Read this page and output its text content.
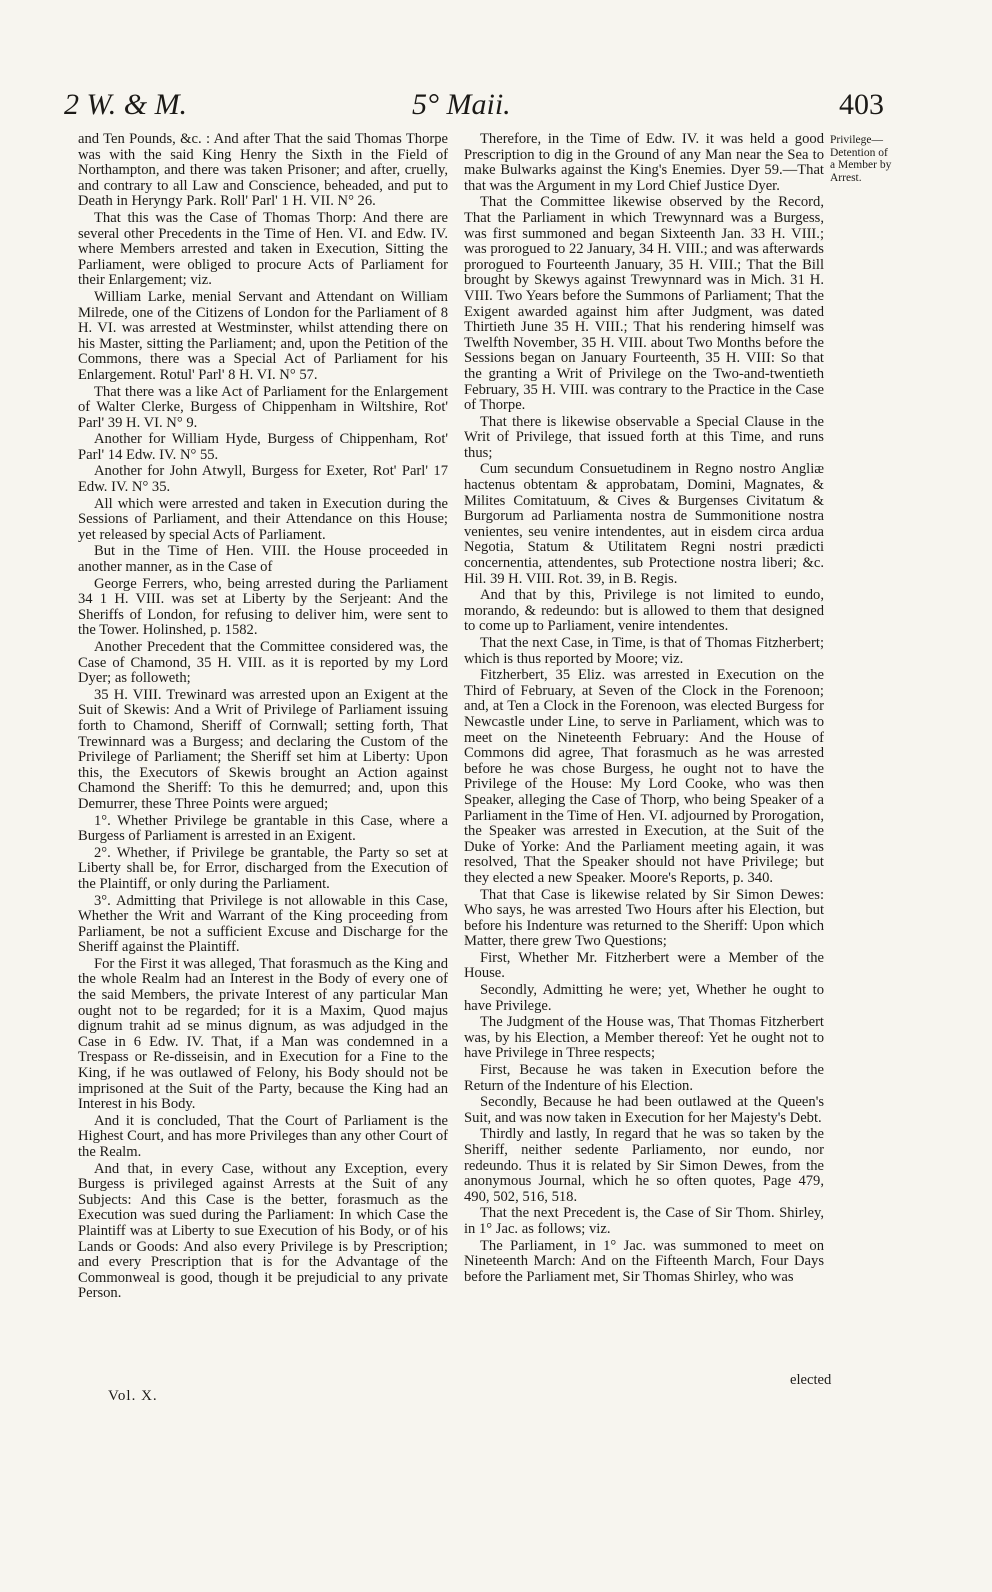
2 W. & M.	5° Maii.	403

and Ten Pounds, &c. : And after That the said Thomas Thorpe was with the said King Henry the Sixth in the Field of Northampton, and there was taken Prisoner; and after, cruelly, and contrary to all Law and Conscience, beheaded, and put to Death in Heryngy Park. Roll' Parl' 1 H. VII. N° 26.

That this was the Case of Thomas Thorp: And there are several other Precedents in the Time of Hen. VI. and Edw. IV. where Members arrested and taken in Execution, Sitting the Parliament, were obliged to procure Acts of Parliament for their Enlargement; viz.

William Larke, menial Servant and Attendant on William Milrede, one of the Citizens of London for the Parliament of 8 H. VI. was arrested at Westminster, whilst attending there on his Master, sitting the Parliament; and, upon the Petition of the Commons, there was a Special Act of Parliament for his Enlargement. Rotul' Parl' 8 H. VI. N° 57.

That there was a like Act of Parliament for the Enlargement of Walter Clerke, Burgess of Chippenham in Wiltshire, Rot' Parl' 39 H. VI. N° 9.

Another for William Hyde, Burgess of Chippenham, Rot' Parl' 14 Edw. IV. N° 55.

Another for John Atwyll, Burgess for Exeter, Rot' Parl' 17 Edw. IV. N° 35.

All which were arrested and taken in Execution during the Sessions of Parliament, and their Attendance on this House; yet released by special Acts of Parliament.

But in the Time of Hen. VIII. the House proceeded in another manner, as in the Case of

George Ferrers, who, being arrested during the Parliament 34 1 H. VIII. was set at Liberty by the Serjeant: And the Sheriffs of London, for refusing to deliver him, were sent to the Tower. Holinshed, p. 1582.

Another Precedent that the Committee considered was, the Case of Chamond, 35 H. VIII. as it is reported by my Lord Dyer; as followeth;

35 H. VIII. Trewinard was arrested upon an Exigent at the Suit of Skewis: And a Writ of Privilege of Parliament issuing forth to Chamond, Sheriff of Cornwall; setting forth, That Trewinnard was a Burgess; and declaring the Custom of the Privilege of Parliament; the Sheriff set him at Liberty: Upon this, the Executors of Skewis brought an Action against Chamond the Sheriff: To this he demurred; and, upon this Demurrer, these Three Points were argued;

1°. Whether Privilege be grantable in this Case, where a Burgess of Parliament is arrested in an Exigent.

2°. Whether, if Privilege be grantable, the Party so set at Liberty shall be, for Error, discharged from the Execution of the Plaintiff, or only during the Parliament.

3°. Admitting that Privilege is not allowable in this Case, Whether the Writ and Warrant of the King proceeding from Parliament, be not a sufficient Excuse and Discharge for the Sheriff against the Plaintiff.

For the First it was alleged, That forasmuch as the King and the whole Realm had an Interest in the Body of every one of the said Members, the private Interest of any particular Man ought not to be regarded; for it is a Maxim, Quod majus dignum trahit ad se minus dignum, as was adjudged in the Case in 6 Edw. IV. That, if a Man was condemned in a Trespass or Re-disseisin, and in Execution for a Fine to the King, if he was outlawed of Felony, his Body should not be imprisoned at the Suit of the Party, because the King had an Interest in his Body.

And it is concluded, That the Court of Parliament is the Highest Court, and has more Privileges than any other Court of the Realm.

And that, in every Case, without any Exception, every Burgess is privileged against Arrests at the Suit of any Subjects: And this Case is the better, forasmuch as the Execution was sued during the Parliament: In which Case the Plaintiff was at Liberty to sue Execution of his Body, or of his Lands or Goods: And also every Privilege is by Prescription; and every Prescription that is for the Advantage of the Commonweal is good, though it be prejudicial to any private Person.

Therefore, in the Time of Edw. IV. it was held a good Prescription to dig in the Ground of any Man near the Sea to make Bulwarks against the King's Enemies. Dyer 59.—That that was the Argument in my Lord Chief Justice Dyer.

That the Committee likewise observed by the Record, That the Parliament in which Trewynnard was a Burgess, was first summoned and began Sixteenth Jan. 33 H. VIII.; was prorogued to 22 January, 34 H. VIII.; and was afterwards prorogued to Fourteenth January, 35 H. VIII.; That the Bill brought by Skewys against Trewynnard was in Mich. 31 H. VIII. Two Years before the Summons of Parliament; That the Exigent awarded against him after Judgment, was dated Thirtieth June 35 H. VIII.; That his rendering himself was Twelfth November, 35 H. VIII. about Two Months before the Sessions began on January Fourteenth, 35 H. VIII: So that the granting a Writ of Privilege on the Two-and-twentieth February, 35 H. VIII. was contrary to the Practice in the Case of Thorpe.

That there is likewise observable a Special Clause in the Writ of Privilege, that issued forth at this Time, and runs thus;

Cum secundum Consuetudinem in Regno nostro Angliæ hactenus obtentam & approbatam, Domini, Magnates, & Milites Comitatuum, & Cives & Burgenses Civitatum & Burgorum ad Parliamenta nostra de Summonitione nostra venientes, seu venire intendentes, aut in eisdem circa ardua Negotia, Statum & Utilitatem Regni nostri prædicti concernentia, attendentes, sub Protectione nostra liberi; &c. Hil. 39 H. VIII. Rot. 39, in B. Regis.

And that by this, Privilege is not limited to eundo, morando, & redeundo: but is allowed to them that designed to come up to Parliament, venire intendentes.

That the next Case, in Time, is that of Thomas Fitzherbert; which is thus reported by Moore; viz.

Fitzherbert, 35 Eliz. was arrested in Execution on the Third of February, at Seven of the Clock in the Forenoon; and, at Ten a Clock in the Forenoon, was elected Burgess for Newcastle under Line, to serve in Parliament, which was to meet on the Nineteenth February: And the House of Commons did agree, That forasmuch as he was arrested before he was chose Burgess, he ought not to have the Privilege of the House: My Lord Cooke, who was then Speaker, alleging the Case of Thorp, who being Speaker of a Parliament in the Time of Hen. VI. adjourned by Prorogation, the Speaker was arrested in Execution, at the Suit of the Duke of Yorke: And the Parliament meeting again, it was resolved, That the Speaker should not have Privilege; but they elected a new Speaker. Moore's Reports, p. 340.

That that Case is likewise related by Sir Simon Dewes: Who says, he was arrested Two Hours after his Election, but before his Indenture was returned to the Sheriff: Upon which Matter, there grew Two Questions;

First, Whether Mr. Fitzherbert were a Member of the House.

Secondly, Admitting he were; yet, Whether he ought to have Privilege.

The Judgment of the House was, That Thomas Fitzherbert was, by his Election, a Member thereof: Yet he ought not to have Privilege in Three respects;

First, Because he was taken in Execution before the Return of the Indenture of his Election.

Secondly, Because he had been outlawed at the Queen's Suit, and was now taken in Execution for her Majesty's Debt.

Thirdly and lastly, In regard that he was so taken by the Sheriff, neither sedente Parliamento, nor eundo, nor redeundo. Thus it is related by Sir Simon Dewes, from the anonymous Journal, which he so often quotes, Page 479, 490, 502, 516, 518.

That the next Precedent is, the Case of Sir Thom. Shirley, in 1° Jac. as follows; viz.

The Parliament, in 1° Jac. was summoned to meet on Nineteenth March: And on the Fifteenth March, Four Days before the Parliament met, Sir Thomas Shirley, who was

Privilege—Detention of a Member by Arrest.
elected
Vol. X.
